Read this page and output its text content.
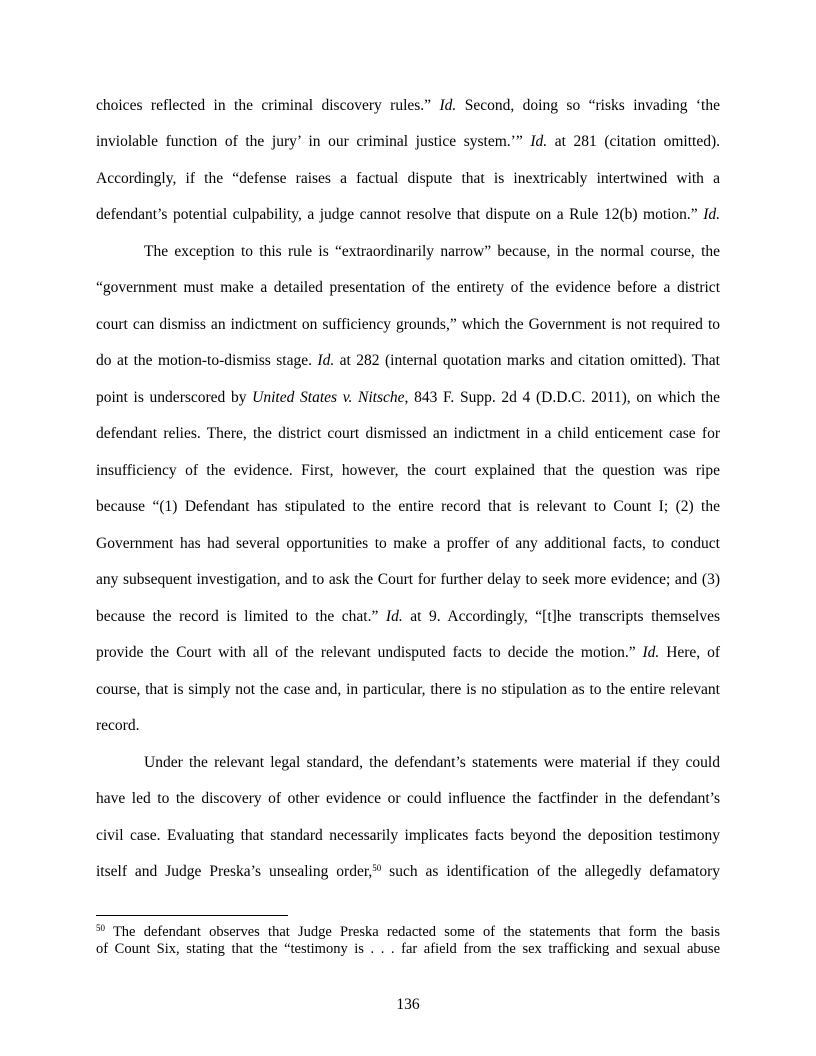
choices reflected in the criminal discovery rules.” Id. Second, doing so “risks invading ‘the
inviolable function of the jury’ in our criminal justice system.’” Id. at 281 (citation omitted).
Accordingly, if the “defense raises a factual dispute that is inextricably intertwined with a
defendant’s potential culpability, a judge cannot resolve that dispute on a Rule 12(b) motion.” Id.
The exception to this rule is “extraordinarily narrow” because, in the normal course, the
“government must make a detailed presentation of the entirety of the evidence before a district
court can dismiss an indictment on sufficiency grounds,” which the Government is not required to
do at the motion-to-dismiss stage. Id. at 282 (internal quotation marks and citation omitted). That
point is underscored by United States v. Nitsche, 843 F. Supp. 2d 4 (D.D.C. 2011), on which the
defendant relies. There, the district court dismissed an indictment in a child enticement case for
insufficiency of the evidence. First, however, the court explained that the question was ripe
because “(1) Defendant has stipulated to the entire record that is relevant to Count I; (2) the
Government has had several opportunities to make a proffer of any additional facts, to conduct
any subsequent investigation, and to ask the Court for further delay to seek more evidence; and (3)
because the record is limited to the chat.” Id. at 9. Accordingly, “[t]he transcripts themselves
provide the Court with all of the relevant undisputed facts to decide the motion.” Id. Here, of
course, that is simply not the case and, in particular, there is no stipulation as to the entire relevant
record.
Under the relevant legal standard, the defendant’s statements were material if they could
have led to the discovery of other evidence or could influence the factfinder in the defendant’s
civil case. Evaluating that standard necessarily implicates facts beyond the deposition testimony
itself and Judge Preska’s unsealing order,$^{50}$ such as identification of the allegedly defamatory
$^{50}$ The defendant observes that Judge Preska redacted some of the statements that form the basis
of Count Six, stating that the “testimony is . . . far afield from the sex trafficking and sexual abuse
136
